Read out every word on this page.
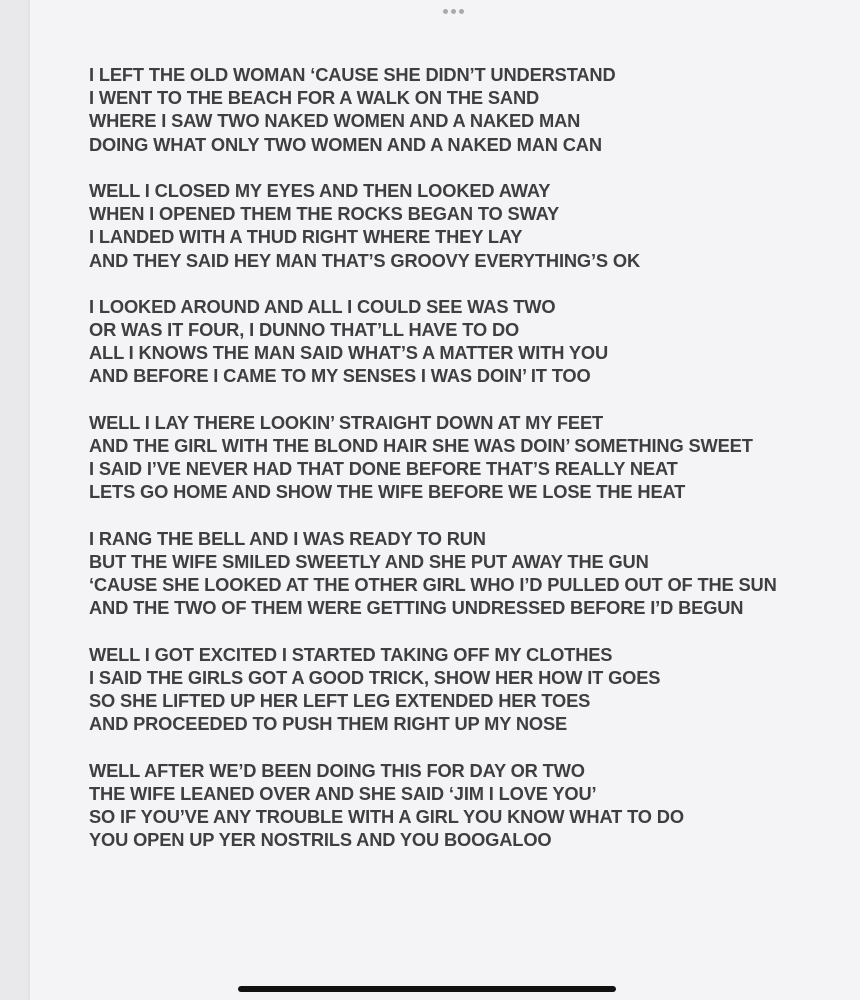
I LEFT THE OLD WOMAN ‘CAUSE SHE DIDN’T UNDERSTAND
I WENT TO THE BEACH FOR A WALK ON THE SAND
WHERE I SAW TWO NAKED WOMEN AND A NAKED MAN
DOING WHAT ONLY TWO WOMEN AND A NAKED MAN CAN
WELL I CLOSED MY EYES AND THEN LOOKED AWAY
WHEN I OPENED THEM THE ROCKS BEGAN TO SWAY
I LANDED WITH A THUD RIGHT WHERE THEY LAY
AND THEY SAID HEY MAN THAT’S GROOVY EVERYTHING’S OK
I LOOKED AROUND AND ALL I COULD SEE WAS TWO
OR WAS IT FOUR, I DUNNO THAT’LL HAVE TO DO
ALL I KNOWS THE MAN SAID WHAT’S A MATTER WITH YOU
AND BEFORE I CAME TO MY SENSES I WAS DOIN’ IT TOO
WELL I LAY THERE LOOKIN’ STRAIGHT DOWN AT MY FEET
AND THE GIRL WITH THE BLOND HAIR SHE WAS DOIN’ SOMETHING SWEET
I SAID I’VE NEVER HAD THAT DONE BEFORE THAT’S REALLY NEAT
LETS GO HOME AND SHOW THE WIFE BEFORE WE LOSE THE HEAT
I RANG THE BELL AND I WAS READY TO RUN
BUT THE WIFE SMILED SWEETLY AND SHE PUT AWAY THE GUN
‘CAUSE SHE LOOKED AT THE OTHER GIRL WHO I’D PULLED OUT OF THE SUN
AND THE TWO OF THEM WERE GETTING UNDRESSED BEFORE I’D BEGUN
WELL I GOT EXCITED I STARTED TAKING OFF MY CLOTHES
I SAID THE GIRLS GOT A GOOD TRICK, SHOW HER HOW IT GOES
SO SHE LIFTED UP HER LEFT LEG EXTENDED HER TOES
AND PROCEEDED TO PUSH THEM RIGHT UP MY NOSE
WELL AFTER WE’D BEEN DOING THIS FOR DAY OR TWO
THE WIFE LEANED OVER AND SHE SAID ‘JIM I LOVE YOU’
SO IF YOU’VE ANY TROUBLE WITH A GIRL YOU KNOW WHAT TO DO
YOU OPEN UP YER NOSTRILS AND YOU BOOGALOO
